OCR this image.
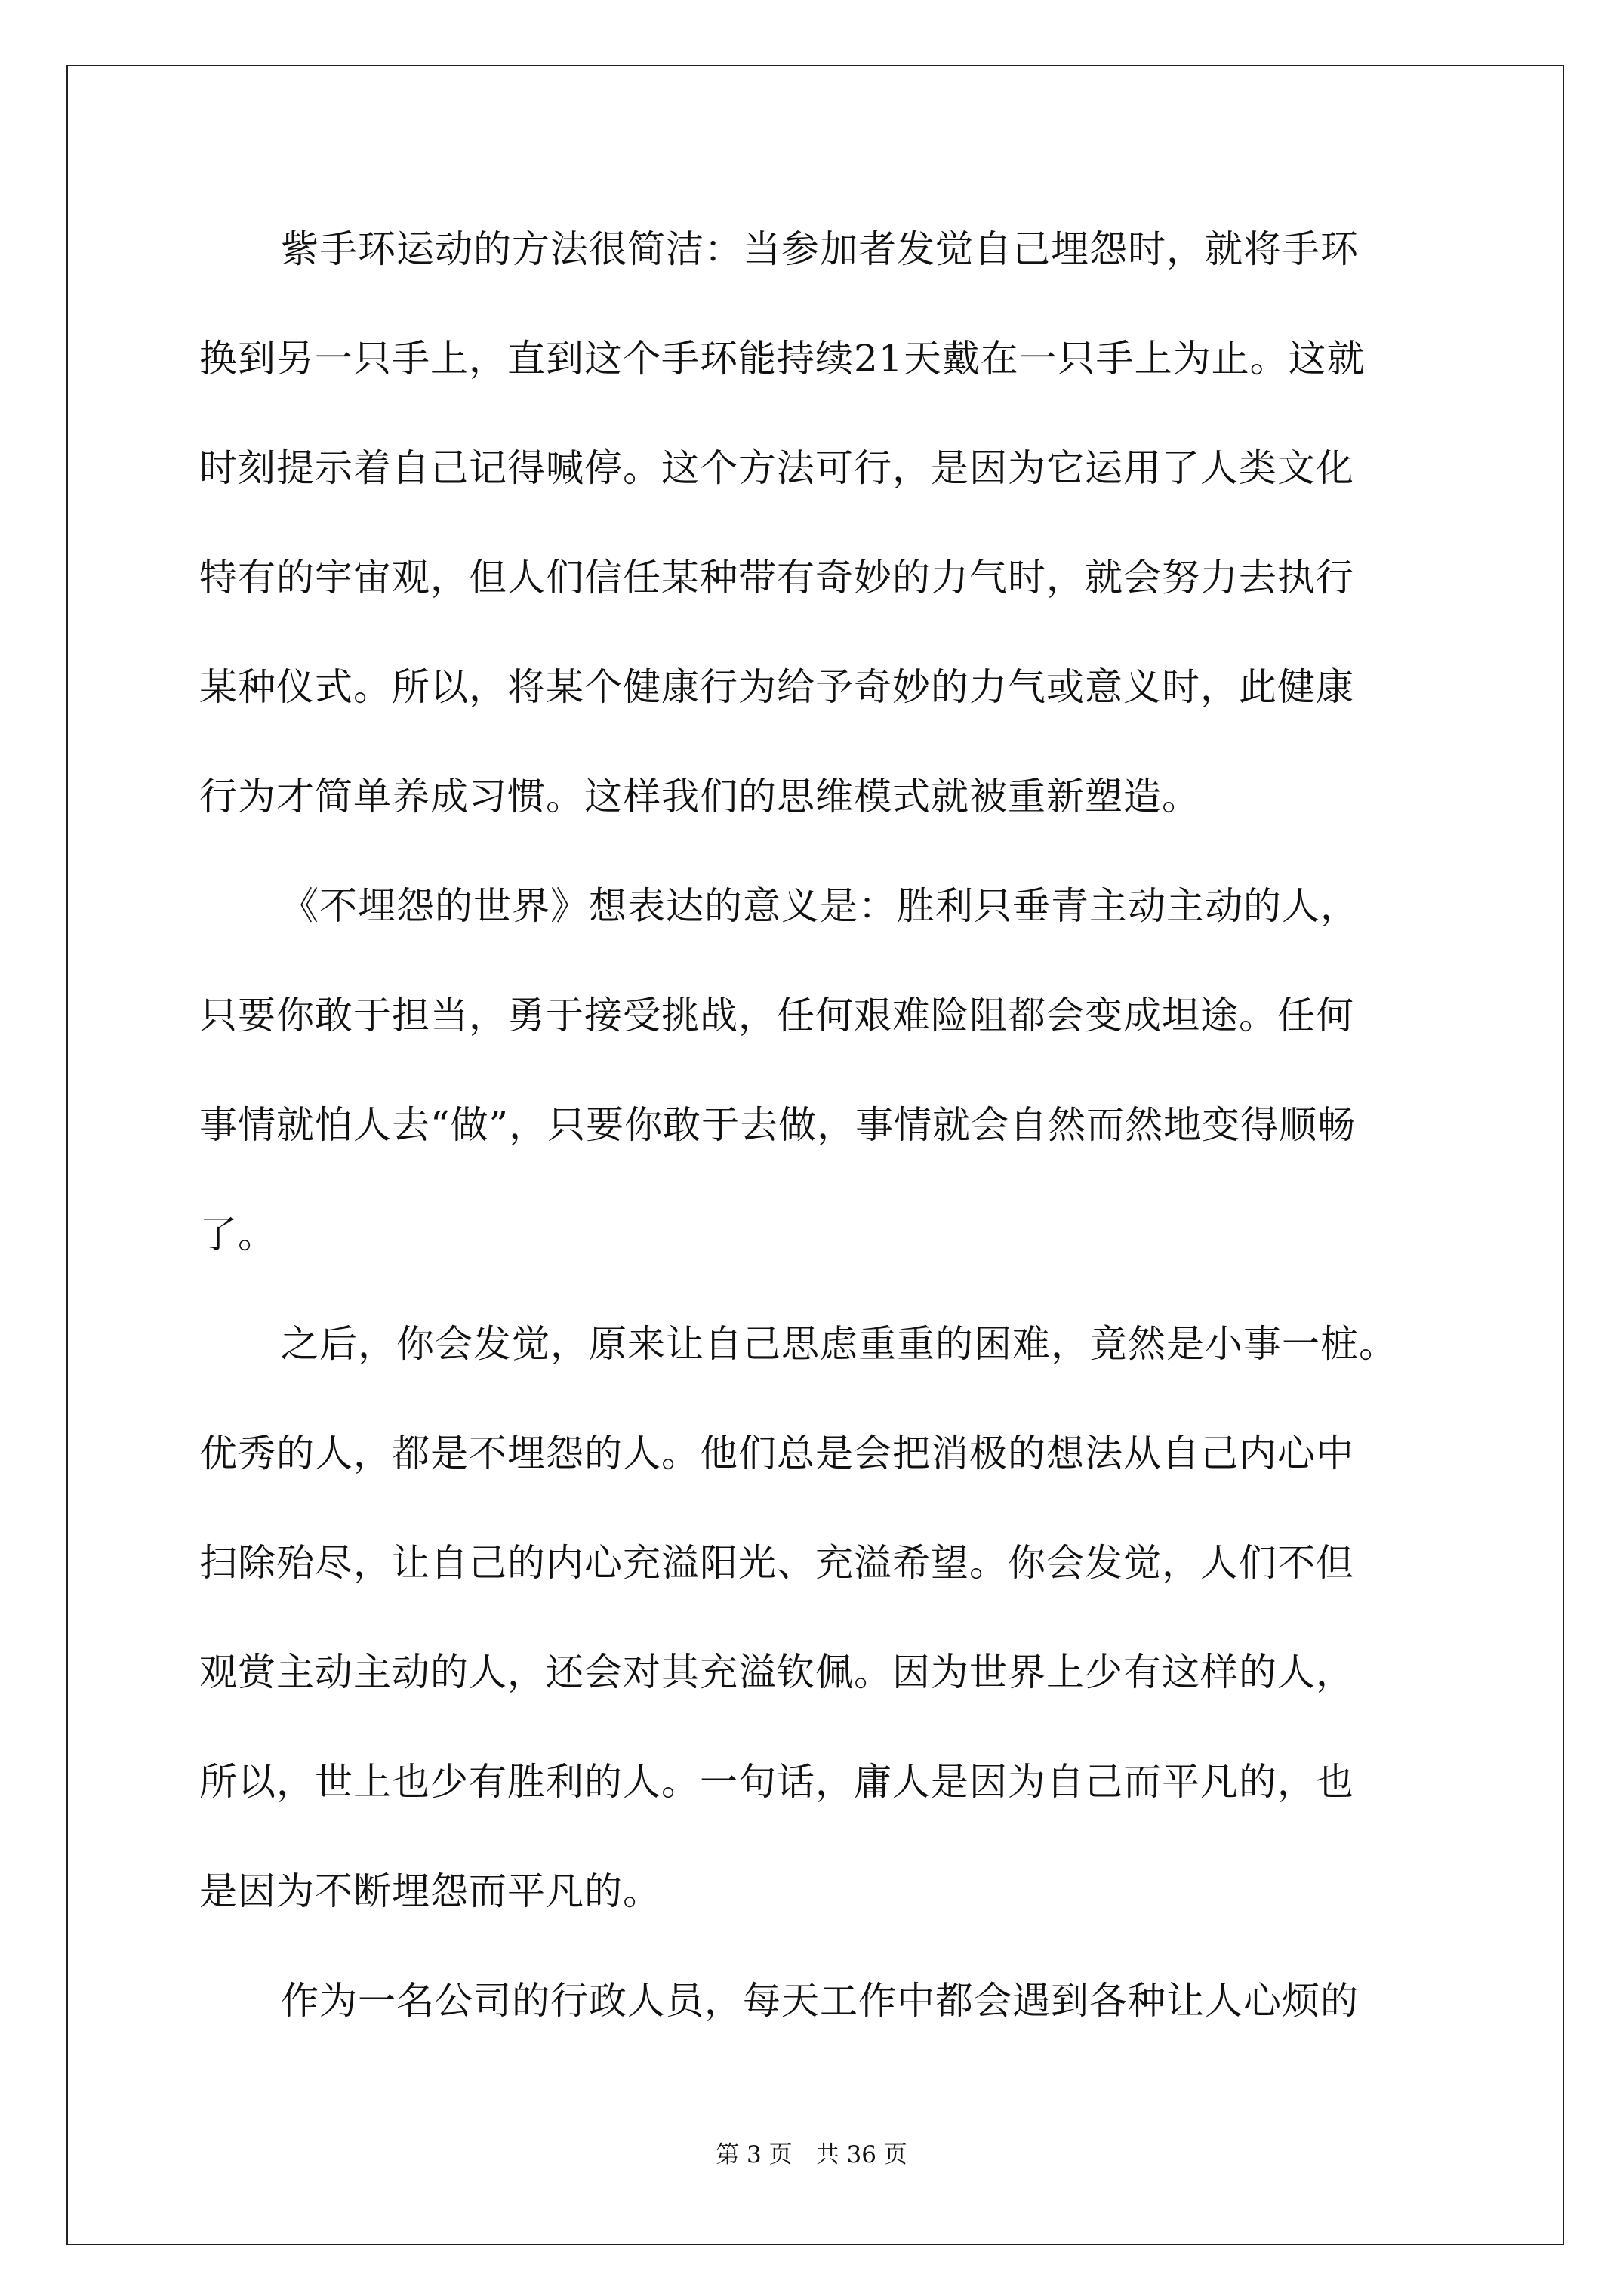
紫手环运动的方法很简洁：当参加者发觉自己埋怨时，就将手环
换到另一只手上，直到这个手环能持续21天戴在一只手上为止。这就
时刻提示着自己记得喊停。这个方法可行，是因为它运用了人类文化
特有的宇宙观，但人们信任某种带有奇妙的力气时，就会努力去执行
某种仪式。所以，将某个健康行为给予奇妙的力气或意义时，此健康
行为才简单养成习惯。这样我们的思维模式就被重新塑造。
《不埋怨的世界》想表达的意义是：胜利只垂青主动主动的人，
只要你敢于担当，勇于接受挑战，任何艰难险阻都会变成坦途。任何
事情就怕人去“做”，只要你敢于去做，事情就会自然而然地变得顺畅
了。
之后，你会发觉，原来让自己思虑重重的困难，竟然是小事一桩。
优秀的人，都是不埋怨的人。他们总是会把消极的想法从自己内心中
扫除殆尽，让自己的内心充溢阳光、充溢希望。你会发觉，人们不但
观赏主动主动的人，还会对其充溢钦佩。因为世界上少有这样的人，
所以，世上也少有胜利的人。一句话，庸人是因为自己而平凡的，也
是因为不断埋怨而平凡的。
作为一名公司的行政人员，每天工作中都会遇到各种让人心烦的
第 3 页　共 36 页
